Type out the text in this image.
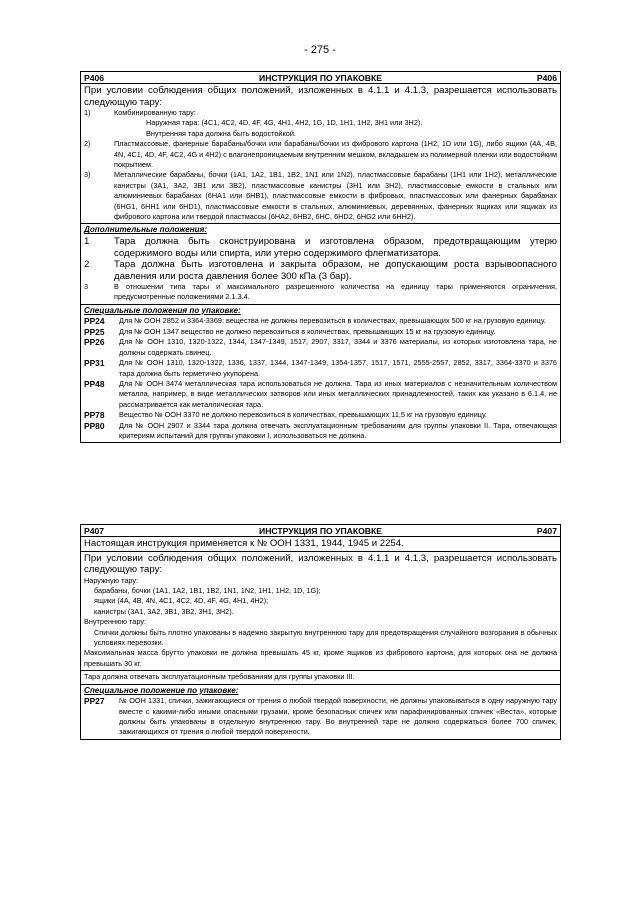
- 275 -
P406	ИНСТРУКЦИЯ ПО УПАКОВКЕ	P406
При условии соблюдения общих положений, изложенных в 4.1.1 и 4.1.3, разрешается использовать следующую тару:
1)	Комбинированную тару:
Наружная тара: (4C1, 4C2, 4D, 4F, 4G, 4H1, 4H2, 1G, 1D, 1H1, 1H2, 3H1 или 3H2).
Внутренняя тара должна быть водостойкой.
2)	Пластмассовые, фанерные барабаны/бочки или барабаны/бочки из фибрового картона (1H2, 1D или 1G), либо ящики (4A, 4B, 4N, 4C1, 4D, 4F, 4C2, 4G и 4H2) с влагонепроницаемым внутренним мешком, вкладышем из полимерной пленки или водостойким покрытием.
3)	Металлические барабаны, бочки (1A1, 1A2, 1B1, 1B2, 1N1 или 1N2), пластмассовые барабаны (1H1 или 1H2), металлические канистры (3A1, 3A2, 3B1 или 3B2), пластмассовые канистры (3H1 или 3H2), пластмассовые емкости в стальных или алюминиевых барабанах (6HA1 или 6HB1), пластмассовые емкости в фибровых, пластмассовых или фанерных барабанах (6HG1, 6HH1 или 6HD1), пластмассовые емкости в стальных, алюминиевых, деревянных, фанерных ящиках или ящиках из фибрового картона или твердой пластмассы (6HA2, 6HB2, 6HC, 6HD2, 6HG2 или 6HH2).
Дополнительные положения:
1	Тара должна быть сконструирована и изготовлена образом, предотвращающим утерю содержимого воды или спирта, или утерю содержимого флегматизатора.
2	Тара должна быть изготовлена и закрыта образом, не допускающим роста взрывоопасного давления или роста давления более 300 кПа (3 бар).
3	В отношении типа тары и максимального разрешенного количества на единицу тары применяются ограничения, предусмотренные положениями 2.1.3.4.
Специальные положения по упаковке:
PP24	Для № ООН 2852 и 3364-3369: вещества не должны перевозиться в количествах, превышающих 500 кг на грузовую единицу.
PP25	Для № ООН 1347 вещество не должно перевозиться в количествах, превышающих 15 кг на грузовую единицу.
PP26	Для № ООН 1310, 1320-1322, 1344, 1347-1349, 1517, 2907, 3317, 3344 и 3376 материалы, из которых изготовлена тара, не должны содержать свинец.
PP31	Для № ООН 1310, 1320-1322, 1336, 1337, 1344, 1347-1349, 1354-1357, 1517, 1571, 2555-2557, 2852, 3317, 3364-3370 и 3376 тара должна быть герметично укупорена.
PP48	Для № ООН 3474 металлическая тара использоваться не должна. Тара из иных материалов с незначительным количеством металла, например, в виде металлических затворов или иных металлических принадлежностей, таких как указано в 6.1.4, не рассматривается как металлическая тара.
PP78	Вещество № ООН 3370 не должно перевозиться в количествах, превышающих 11,5 кг на грузовую единицу.
PP80	Для № ООН 2907 и 3344 тара должна отвечать эксплуатационным требованиям для группы упаковки II. Тара, отвечающая критериям испытаний для группы упаковки I, использоваться не должна.
P407	ИНСТРУКЦИЯ ПО УПАКОВКЕ	P407
Настоящая инструкция применяется к № ООН 1331, 1944, 1945 и 2254.
При условии соблюдения общих положений, изложенных в 4.1.1 и 4.1.3, разрешается использовать следующую тару:
Наружную тару:
барабаны, бочки (1A1, 1A2, 1B1, 1B2, 1N1, 1N2, 1H1, 1H2, 1D, 1G);
ящики (4A, 4B, 4N, 4C1, 4C2, 4D, 4F, 4G, 4H1, 4H2);
канистры (3A1, 3A2, 3B1, 3B2, 3H1, 3H2).
Внутреннюю тару:
Спички должны быть плотно упакованы в надежно закрытую внутреннюю тару для предотвращения случайного возгорания в обычных условиях перевозки.
Максимальная масса брутто упаковки не должна превышать 45 кг, кроме ящиков из фибрового картона, для которых она не должна превышать 30 кг.
Тара должна отвечать эксплуатационным требованиям для группы упаковки III.
Специальное положение по упаковке:
PP27	№ ООН 1331, спички, зажигающиеся от трения о любой твердой поверхности, не должны упаковываться в одну наружную тару вместе с какими-либо иными опасными грузами, кроме безопасных спичек или парафинированных спичек «Веста», которые должны быть упакованы в отдельную внутреннюю тару. Во внутренней таре не должно содержаться более 700 спичек, зажигающихся от трения о любой твердой поверхности.
